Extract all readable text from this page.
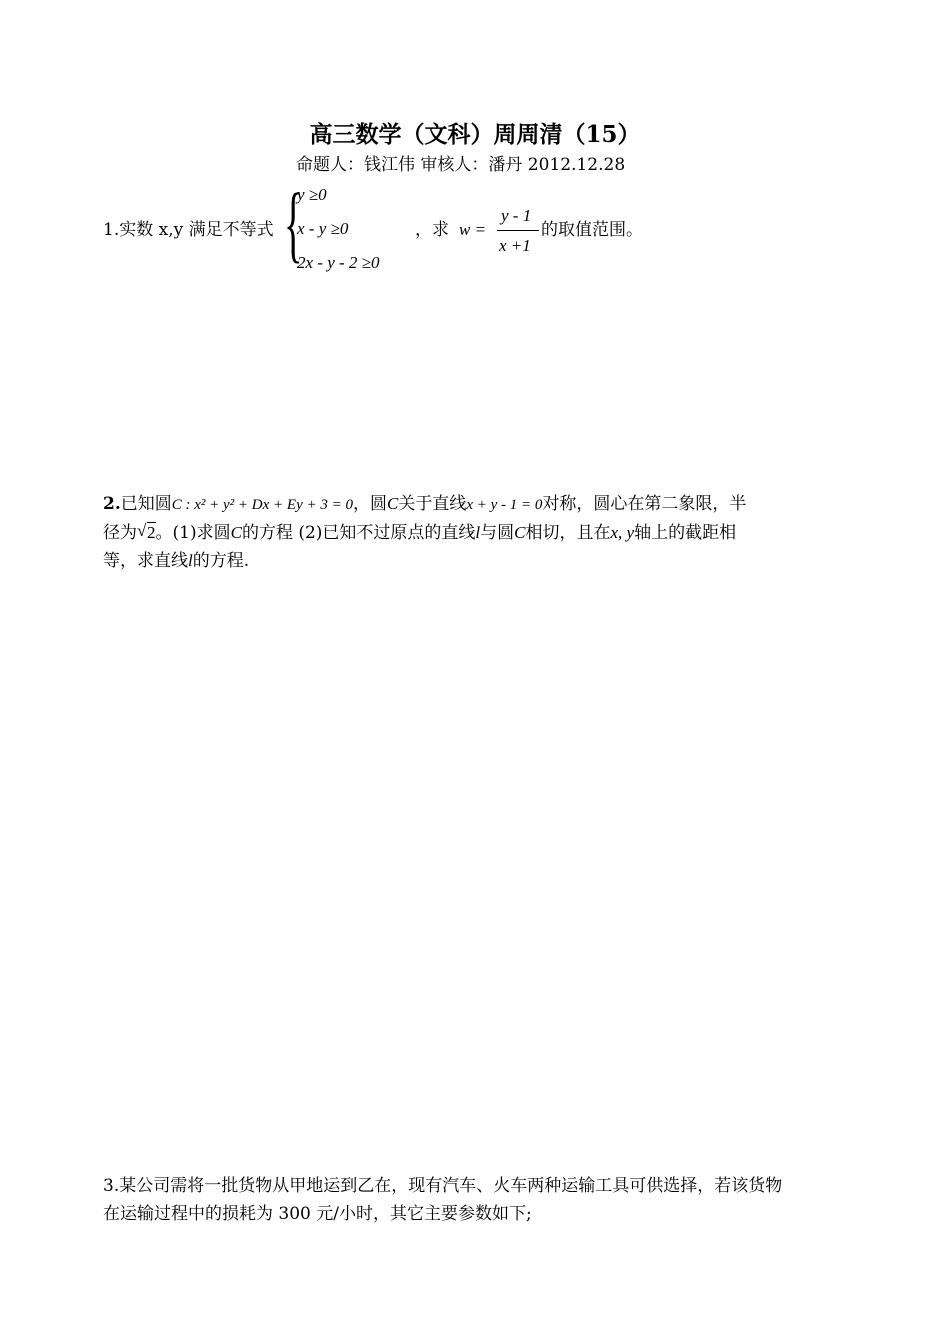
高三数学（文科）周周清（15）
命题人：钱江伟 审核人：潘丹 2012.12.28
1.实数 x,y 满足不等式 {
y ≥0
x - y ≥0
2x - y - 2 ≥0
，求 w =
y - 1
x +1
的取值范围。
2.已知圆C : x² + y² + Dx + Ey + 3 = 0，圆C关于直线x + y - 1 = 0对称，圆心在第二象限，半
径为 √ 2。(1)求圆C的方程 (2)已知不过原点的直线l与圆C相切，且在x, y轴上的截距相
等，求直线l的方程.
3.某公司需将一批货物从甲地运到乙在，现有汽车、火车两种运输工具可供选择，若该货物
在运输过程中的损耗为 300 元/小时，其它主要参数如下;
